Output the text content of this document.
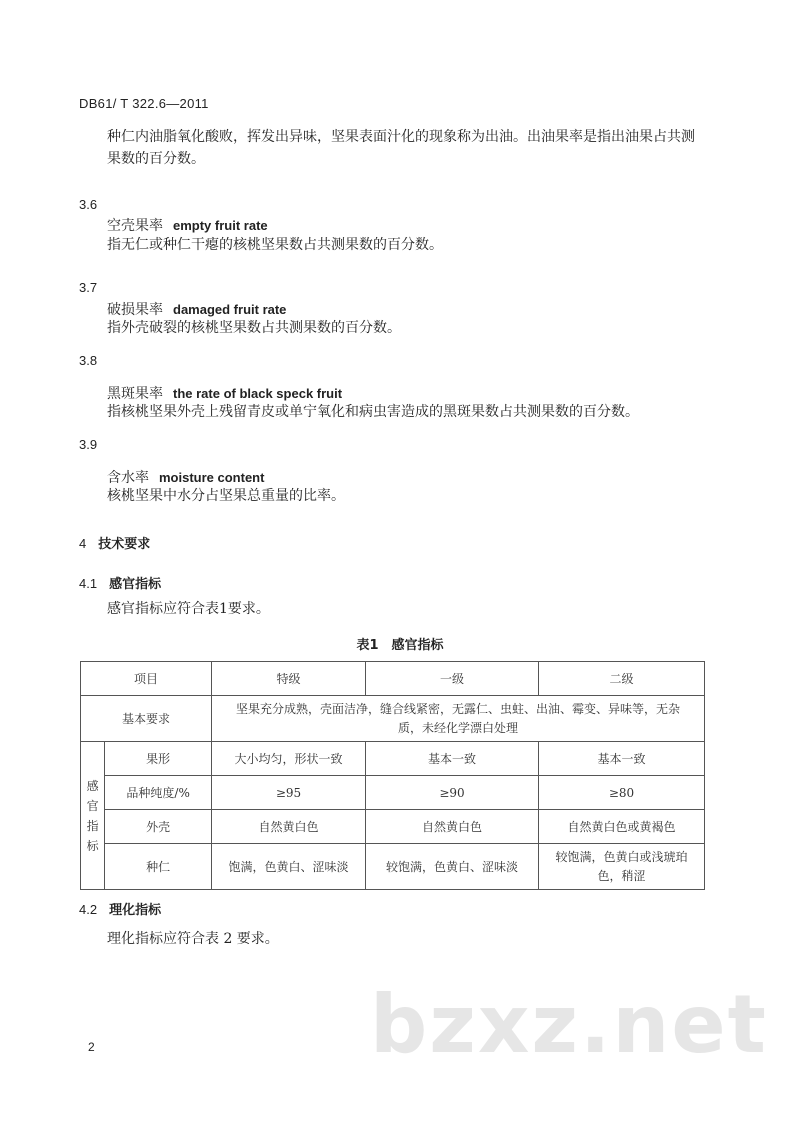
DB61/ T 322.6—2011
种仁内油脂氧化酸败，挥发出异味，坚果表面汁化的现象称为出油。出油果率是指出油果占共测果数的百分数。
3.6
空壳果率 empty fruit rate
指无仁或种仁干瘪的核桃坚果数占共测果数的百分数。
3.7
破损果率 damaged fruit rate
指外壳破裂的核桃坚果数占共测果数的百分数。
3.8
黑斑果率 the rate of black speck fruit
指核桃坚果外壳上残留青皮或单宁氧化和病虫害造成的黑斑果数占共测果数的百分数。
3.9
含水率 moisture content
核桃坚果中水分占坚果总重量的比率。
4 技术要求
4.1 感官指标
感官指标应符合表1要求。
表1　感官指标
项目		特级	一级	二级
基本要求		坚果充分成熟，壳面洁净，缝合线紧密，无露仁、虫蛀、出油、霉变、异味等，无杂质，未经化学漂白处理		

感官指标	果形	大小均匀，形状一致	基本一致	基本一致
	品种纯度/%	≥95	≥90	≥80
	外壳	自然黄白色	自然黄白色	自然黄白色或黄褐色
	种仁	饱满，色黄白、涩味淡	较饱满，色黄白、涩味淡	较饱满，色黄白或浅琥珀色，稍涩
4.2 理化指标
理化指标应符合表 2 要求。
bzxz.net
2
